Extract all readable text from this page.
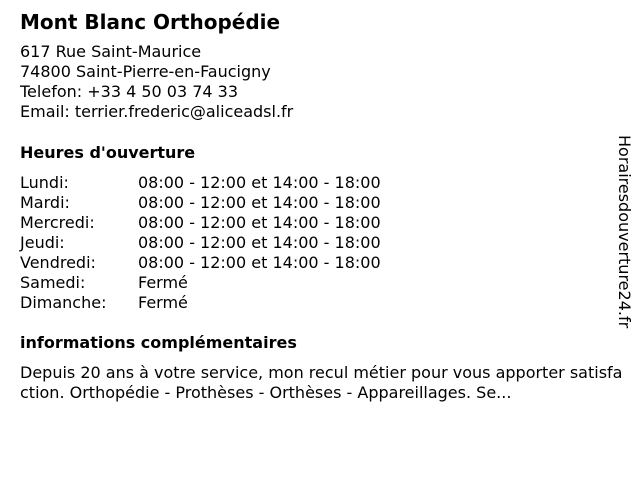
Mont Blanc Orthopédie
617 Rue Saint-Maurice
74800 Saint-Pierre-en-Faucigny
Telefon: +33 4 50 03 74 33
Email: terrier.frederic@aliceadsl.fr
Heures d'ouverture
Lundi:	08:00 - 12:00 et 14:00 - 18:00
Mardi:	08:00 - 12:00 et 14:00 - 18:00
Mercredi:	08:00 - 12:00 et 14:00 - 18:00
Jeudi:	08:00 - 12:00 et 14:00 - 18:00
Vendredi:	08:00 - 12:00 et 14:00 - 18:00
Samedi:	Fermé
Dimanche:	Fermé
informations complémentaires
Depuis 20 ans à votre service, mon recul métier pour vous apporter satisfaction. Orthopédie - Prothèses - Orthèses - Appareillages. Se...
Horairesdouverture24.fr
